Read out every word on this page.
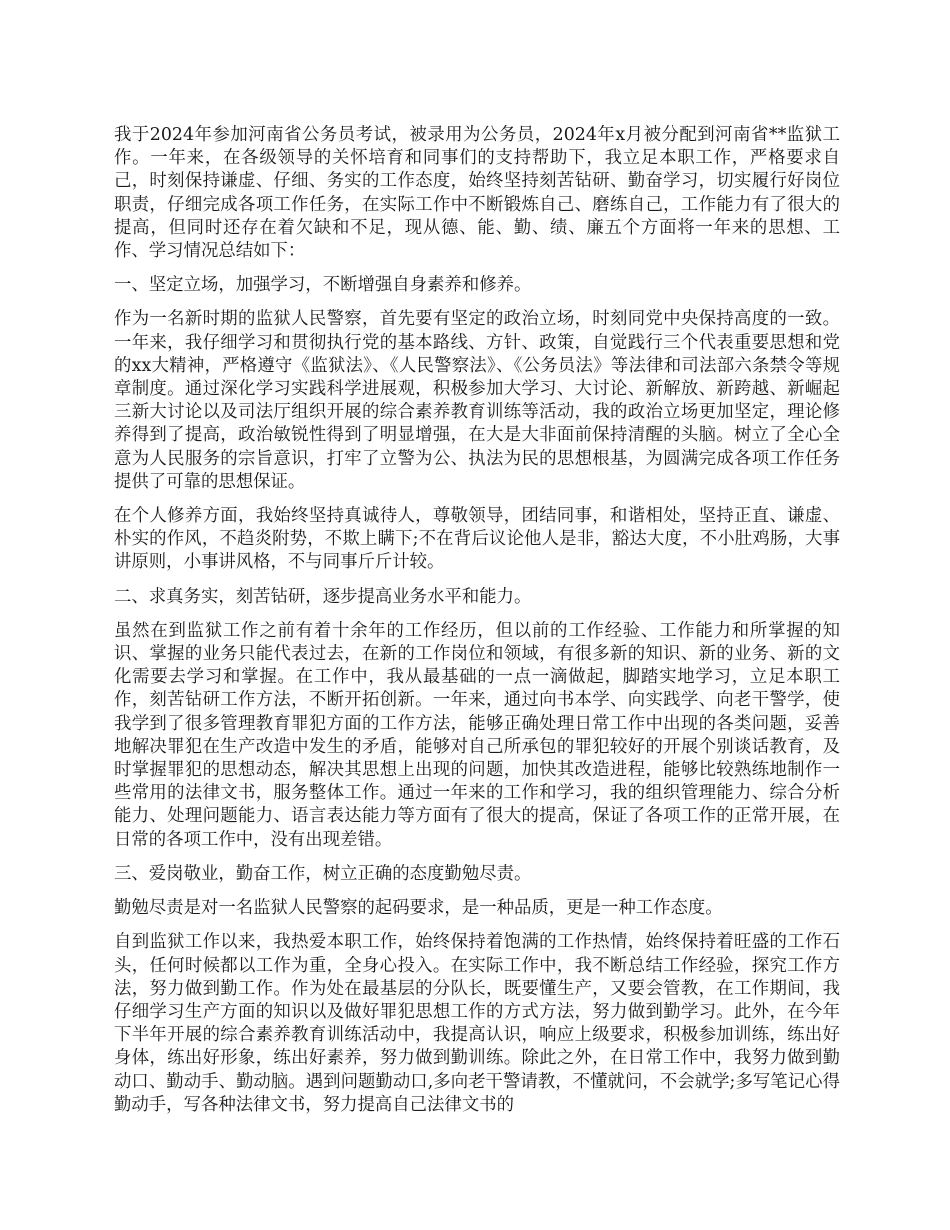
我于2024年参加河南省公务员考试，被录用为公务员，2024年x月被分配到河南省**监狱工作。一年来，在各级领导的关怀培育和同事们的支持帮助下，我立足本职工作，严格要求自己，时刻保持谦虚、仔细、务实的工作态度，始终坚持刻苦钻研、勤奋学习，切实履行好岗位职责，仔细完成各项工作任务，在实际工作中不断锻炼自己、磨练自己，工作能力有了很大的提高，但同时还存在着欠缺和不足，现从德、能、勤、绩、廉五个方面将一年来的思想、工作、学习情况总结如下：

一、坚定立场，加强学习，不断增强自身素养和修养。

作为一名新时期的监狱人民警察，首先要有坚定的政治立场，时刻同党中央保持高度的一致。一年来，我仔细学习和贯彻执行党的基本路线、方针、政策，自觉践行三个代表重要思想和党的xx大精神，严格遵守《监狱法》、《人民警察法》、《公务员法》等法律和司法部六条禁令等规章制度。通过深化学习实践科学进展观，积极参加大学习、大讨论、新解放、新跨越、新崛起三新大讨论以及司法厅组织开展的综合素养教育训练等活动，我的政治立场更加坚定，理论修养得到了提高，政治敏锐性得到了明显增强，在大是大非面前保持清醒的头脑。树立了全心全意为人民服务的宗旨意识，打牢了立警为公、执法为民的思想根基，为圆满完成各项工作任务提供了可靠的思想保证。

在个人修养方面，我始终坚持真诚待人，尊敬领导，团结同事，和谐相处，坚持正直、谦虚、朴实的作风，不趋炎附势，不欺上瞒下;不在背后议论他人是非，豁达大度，不小肚鸡肠，大事讲原则，小事讲风格，不与同事斤斤计较。

二、求真务实，刻苦钻研，逐步提高业务水平和能力。

虽然在到监狱工作之前有着十余年的工作经历，但以前的工作经验、工作能力和所掌握的知识、掌握的业务只能代表过去，在新的工作岗位和领域，有很多新的知识、新的业务、新的文化需要去学习和掌握。在工作中，我从最基础的一点一滴做起，脚踏实地学习，立足本职工作，刻苦钻研工作方法，不断开拓创新。一年来，通过向书本学、向实践学、向老干警学，使我学到了很多管理教育罪犯方面的工作方法，能够正确处理日常工作中出现的各类问题，妥善地解决罪犯在生产改造中发生的矛盾，能够对自己所承包的罪犯较好的开展个别谈话教育，及时掌握罪犯的思想动态，解决其思想上出现的问题，加快其改造进程，能够比较熟练地制作一些常用的法律文书，服务整体工作。通过一年来的工作和学习，我的组织管理能力、综合分析能力、处理问题能力、语言表达能力等方面有了很大的提高，保证了各项工作的正常开展，在日常的各项工作中，没有出现差错。

三、爱岗敬业，勤奋工作，树立正确的态度勤勉尽责。

勤勉尽责是对一名监狱人民警察的起码要求，是一种品质，更是一种工作态度。

自到监狱工作以来，我热爱本职工作，始终保持着饱满的工作热情，始终保持着旺盛的工作石头，任何时候都以工作为重，全身心投入。在实际工作中，我不断总结工作经验，探究工作方法，努力做到勤工作。作为处在最基层的分队长，既要懂生产，又要会管教，在工作期间，我仔细学习生产方面的知识以及做好罪犯思想工作的方式方法，努力做到勤学习。此外，在今年下半年开展的综合素养教育训练活动中，我提高认识，响应上级要求，积极参加训练，练出好身体，练出好形象，练出好素养，努力做到勤训练。除此之外，在日常工作中，我努力做到勤动口、勤动手、勤动脑。遇到问题勤动口,多向老干警请教，不懂就问，不会就学;多写笔记心得勤动手，写各种法律文书，努力提高自己法律文书的
